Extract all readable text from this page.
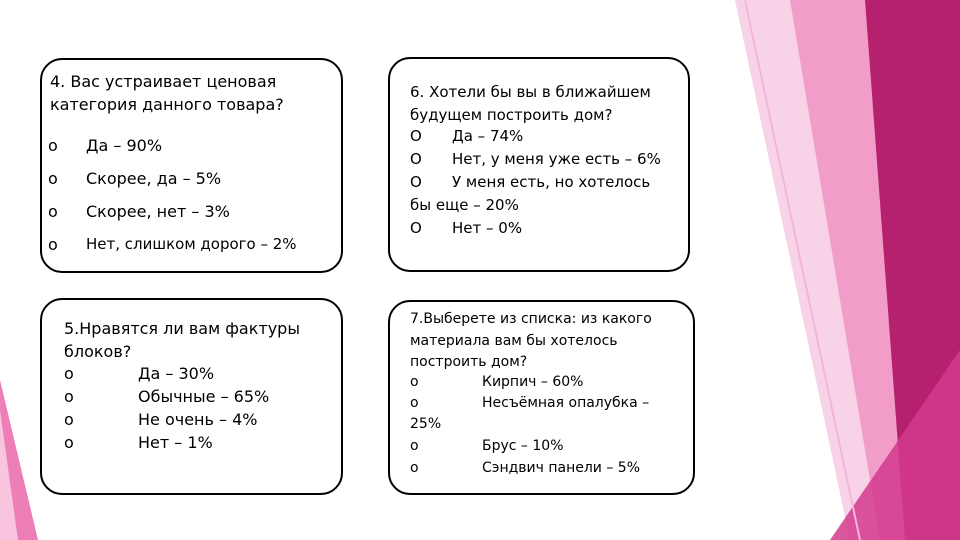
4. Вас устраивает ценовая
категория данного товара?
o Да – 90%
o Скорее, да – 5%
o Скорее, нет – 3%
o Нет, слишком дорого – 2%
6. Хотели бы вы в ближайшем
будущем построить дом?
O Да – 74%
O Нет, у меня уже есть – 6%
O У меня есть, но хотелось
бы еще – 20%
O Нет – 0%
5.Нравятся ли вам фактуры
блоков?
o	Да – 30%
o	Обычные – 65%
o	Не очень – 4%
o	Нет – 1%
7.Выберете из списка: из какого
материала вам бы хотелось
построить дом?
o	Кирпич – 60%
o	Несъёмная опалубка –
25%
o	Брус – 10%
o	Сэндвич панели – 5%
